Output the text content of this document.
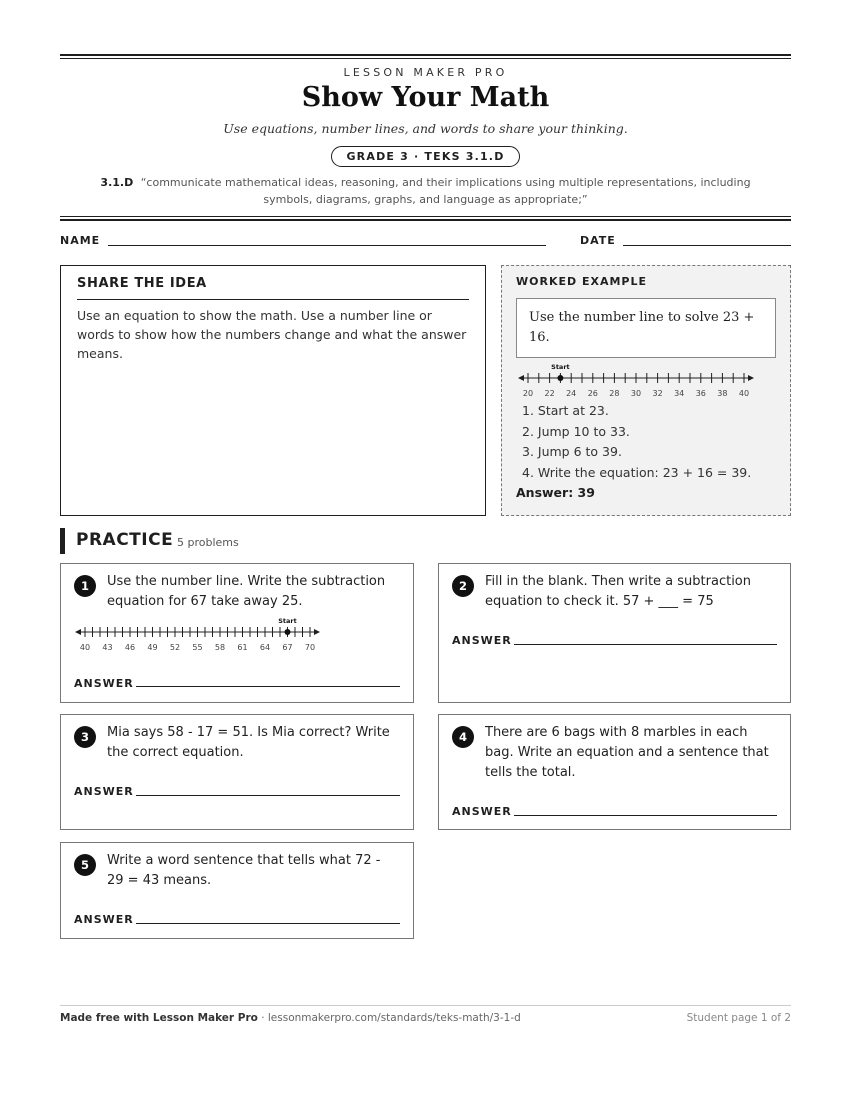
LESSON MAKER PRO
Show Your Math
Use equations, number lines, and words to share your thinking.
GRADE 3 · TEKS 3.1.D
3.1.D “communicate mathematical ideas, reasoning, and their implications using multiple representations, including symbols, diagrams, graphs, and language as appropriate;”
NAME	DATE
SHARE THE IDEA

Use an equation to show the math. Use a number line or words to show how the numbers change and what the answer means.

WORKED EXAMPLE
Use the number line to solve 23 + 16.
20 22 24 26 28 30 32 34 36 38 40
Start
1. Start at 23.
2. Jump 10 to 33.
3. Jump 6 to 39.
4. Write the equation: 23 + 16 = 39.
Answer: 39
PRACTICE 5 problems
1	Use the number line. Write the subtraction
equation for 67 take away 25.
40 43 46 49 52 55 58 61 64 67 70
Start
ANSWER
2	Fill in the blank. Then write a subtraction
equation to check it. 57 + ___ = 75
ANSWER
3	Mia says 58 - 17 = 51. Is Mia correct? Write
the correct equation.
ANSWER
4	There are 6 bags with 8 marbles in each
bag. Write an equation and a sentence that
tells the total.
ANSWER
5	Write a word sentence that tells what 72 -
29 = 43 means.
ANSWER
Made free with Lesson Maker Pro · lessonmakerpro.com/standards/teks-math/3-1-d	Student page 1 of 2
